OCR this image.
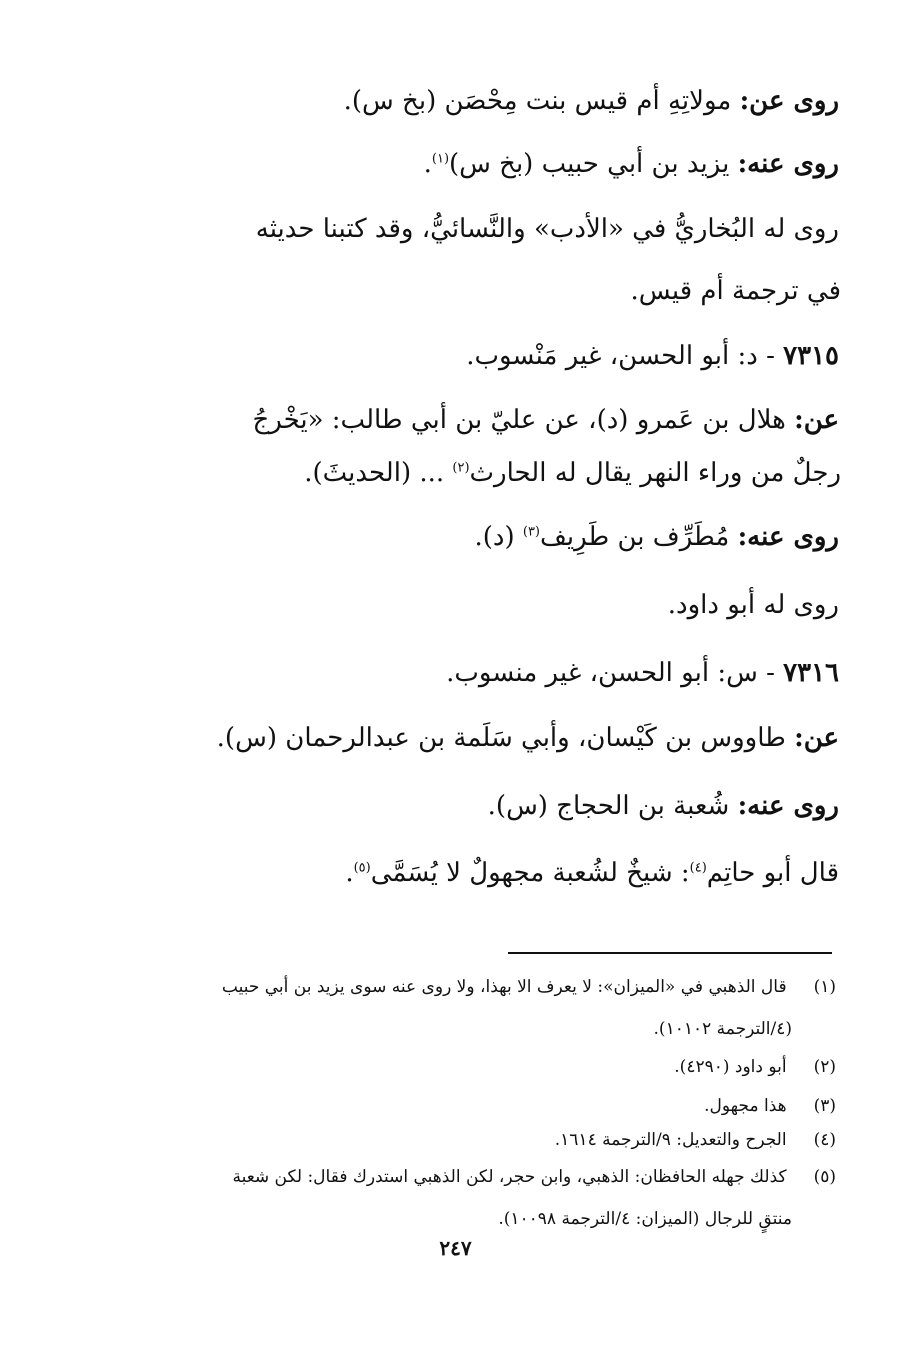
روى عن: مولاتِهِ أم قيس بنت مِحْصَن (بخ س).
روى عنه: يزيد بن أبي حبيب (بخ س)$^{(١)}$.
روى له البُخاريُّ في «الأدب» والنَّسائيُّ، وقد كتبنا حديثه
في ترجمة أم قيس.
٧٣١٥ - د: أبو الحسن، غير مَنْسوب.
عن: هلال بن عَمرو (د)، عن عليّ بن أبي طالب: «يَخْرجُ
رجلٌ من وراء النهر يقال له الحارث$^{(٢)}$ ... (الحديثَ).
روى عنه: مُطَرِّف بن طَرِيف$^{(٣)}$ (د).
روى له أبو داود.
٧٣١٦ - س: أبو الحسن، غير منسوب.
عن: طاووس بن كَيْسان، وأبي سَلَمة بن عبدالرحمان (س).
روى عنه: شُعبة بن الحجاج (س).
قال أبو حاتِم$^{(٤)}$: شيخٌ لشُعبة مجهولٌ لا يُسَمَّى$^{(٥)}$.
(١) قال الذهبي في «الميزان»: لا يعرف الا بهذا، ولا روى عنه سوى يزيد بن أبي حبيب
(٤/الترجمة ١٠١٠٢).
(٢) أبو داود (٤٢٩٠).
(٣) هذا مجهول.
(٤) الجرح والتعديل: ٩/الترجمة ١٦١٤.
(٥) كذلك جهله الحافظان: الذهبي، وابن حجر، لكن الذهبي استدرك فقال: لكن شعبة
منتقٍ للرجال (الميزان: ٤/الترجمة ١٠٠٩٨).
٢٤٧
